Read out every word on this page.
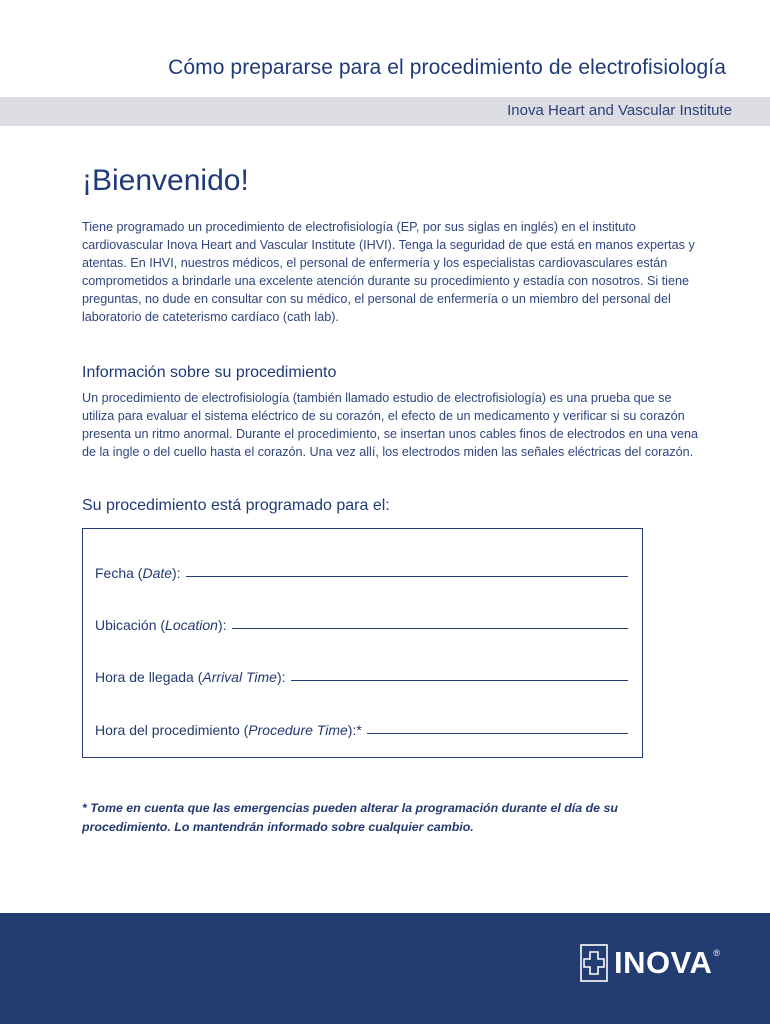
Cómo prepararse para el procedimiento de electrofisiología
Inova Heart and Vascular Institute
¡Bienvenido!
Tiene programado un procedimiento de electrofisiología (EP, por sus siglas en inglés) en el instituto cardiovascular Inova Heart and Vascular Institute (IHVI). Tenga la seguridad de que está en manos expertas y atentas. En IHVI, nuestros médicos, el personal de enfermería y los especialistas cardiovasculares están comprometidos a brindarle una excelente atención durante su procedimiento y estadía con nosotros. Si tiene preguntas, no dude en consultar con su médico, el personal de enfermería o un miembro del personal del laboratorio de cateterismo cardíaco (cath lab).
Información sobre su procedimiento
Un procedimiento de electrofisiología (también llamado estudio de electrofisiología) es una prueba que se utiliza para evaluar el sistema eléctrico de su corazón, el efecto de un medicamento y verificar si su corazón presenta un ritmo anormal. Durante el procedimiento, se insertan unos cables finos de electrodos en una vena de la ingle o del cuello hasta el corazón. Una vez allí, los electrodos miden las señales eléctricas del corazón.
Su procedimiento está programado para el:
Fecha (Date):
Ubicación (Location):
Hora de llegada (Arrival Time):
Hora del procedimiento (Procedure Time):*
* Tome en cuenta que las emergencias pueden alterar la programación durante el día de su procedimiento. Lo mantendrán informado sobre cualquier cambio.
INOVA ®
